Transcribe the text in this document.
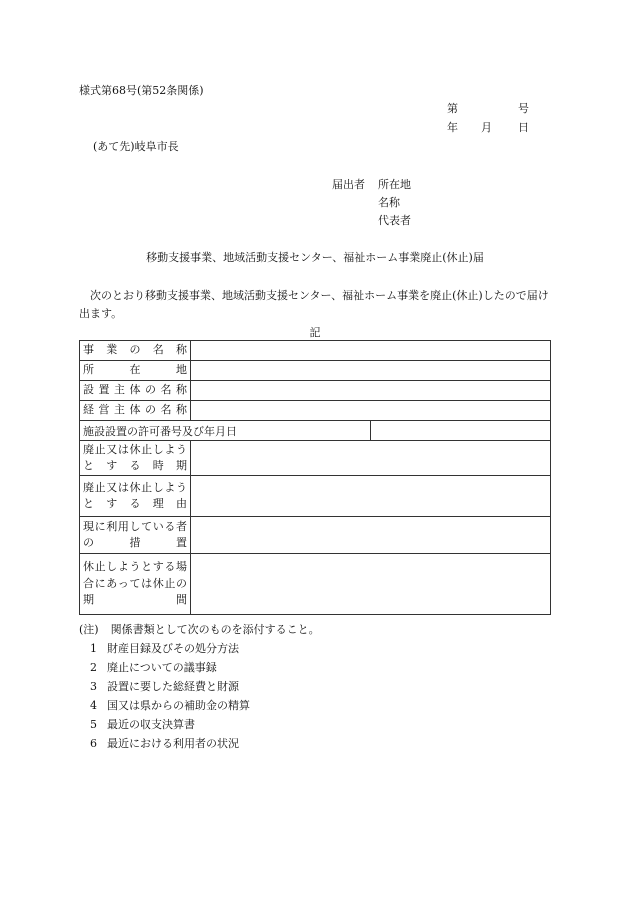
様式第68号(第52条関係)
第	号
年 月 日
(あて先)岐阜市長
届出者 所在地
名称
代表者
移動支援事業、地域活動支援センター、福祉ホーム事業廃止(休止)届
次のとおり移動支援事業、地域活動支援センター、福祉ホーム事業を廃止(休止)したので届け出ます。
記
事業の名称		
所在地		
設置主体の名称		
経営主体の名称		
施設設置の許可番号及び年月日		
廃止又は休止しようとする時期		
廃止又は休止しようとする理由		
現に利用している者の措置		
休止しようとする場合にあっては休止の期間		
(注) 関係書類として次のものを添付すること。
1 財産目録及びその処分方法
2 廃止についての議事録
3 設置に要した総経費と財源
4 国又は県からの補助金の精算
5 最近の収支決算書
6 最近における利用者の状況
